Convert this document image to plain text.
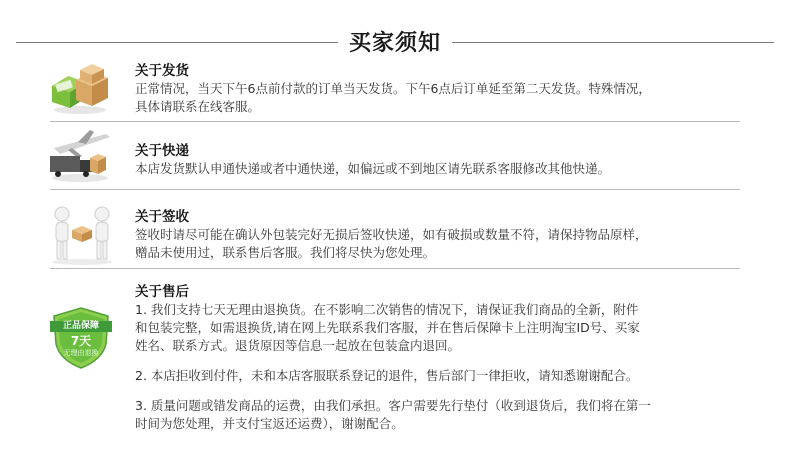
买家须知
关于发货

正常情况，当天下午6点前付款的订单当天发货。下午6点后订单延至第二天发货。特殊情况，

具体请联系在线客服。

关于快递

本店发货默认申通快递或者中通快递，如偏远或不到地区请先联系客服修改其他快递。

关于签收

签收时请尽可能在确认外包装完好无损后签收快递，如有破损或数量不符，请保持物品原样，

赠品未使用过，联系售后客服。我们将尽快为您处理。

正品保障
7天
无理由退换
关于售后

1. 我们支持七天无理由退换货。在不影响二次销售的情况下，请保证我们商品的全新，附件

和包装完整，如需退换货,请在网上先联系我们客服，并在售后保障卡上注明淘宝ID号、买家

姓名、联系方式。退货原因等信息一起放在包装盒内退回。

2. 本店拒收到付件，未和本店客服联系登记的退件，售后部门一律拒收，请知悉谢谢配合。

3. 质量问题或错发商品的运费，由我们承担。客户需要先行垫付（收到退货后，我们将在第一

时间为您处理，并支付宝返还运费），谢谢配合。
